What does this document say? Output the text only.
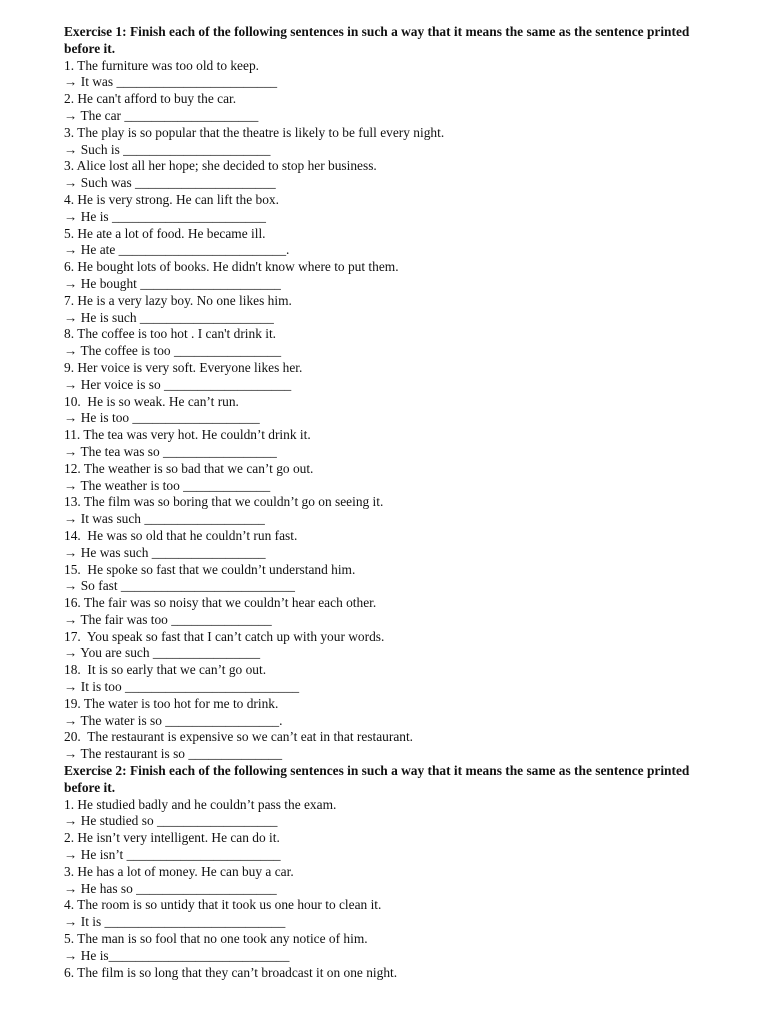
Exercise 1: Finish each of the following sentences in such a way that it means the same as the sentence printed before it.
1. The furniture was too old to keep.
→ It was ________________________
2. He can't afford to buy the car.
→ The car ____________________
3. The play is so popular that the theatre is likely to be full every night.
→ Such is ______________________
3. Alice lost all her hope; she decided to stop her business.
→ Such was _____________________
4. He is very strong. He can lift the box.
→ He is _______________________
5. He ate a lot of food. He became ill.
→ He ate _________________________.
6. He bought lots of books. He didn't know where to put them.
→ He bought _____________________
7. He is a very lazy boy. No one likes him.
→ He is such ____________________
8. The coffee is too hot . I can't drink it.
→ The coffee is too ________________
9. Her voice is very soft. Everyone likes her.
→ Her voice is so ___________________
10.  He is so weak. He can’t run.
→ He is too ___________________
11. The tea was very hot. He couldn’t drink it.
→ The tea was so _________________
12. The weather is so bad that we can’t go out.
→ The weather is too _____________
13. The film was so boring that we couldn’t go on seeing it.
→ It was such __________________
14.  He was so old that he couldn’t run fast.
→ He was such _________________
15.  He spoke so fast that we couldn’t understand him.
→ So fast __________________________
16. The fair was so noisy that we couldn’t hear each other.
→ The fair was too _______________
17.  You speak so fast that I can’t catch up with your words.
→ You are such ________________
18.  It is so early that we can’t go out.
→ It is too __________________________
19. The water is too hot for me to drink.
→ The water is so _________________.
20.  The restaurant is expensive so we can’t eat in that restaurant.
→ The restaurant is so ______________
Exercise 2: Finish each of the following sentences in such a way that it means the same as the sentence printed before it.
1. He studied badly and he couldn’t pass the exam.
→ He studied so __________________
2. He isn’t very intelligent. He can do it.
→ He isn’t _______________________
3. He has a lot of money. He can buy a car.
→ He has so _____________________
4. The room is so untidy that it took us one hour to clean it.
→ It is ___________________________
5. The man is so fool that no one took any notice of him.
→ He is___________________________
6. The film is so long that they can’t broadcast it on one night.
